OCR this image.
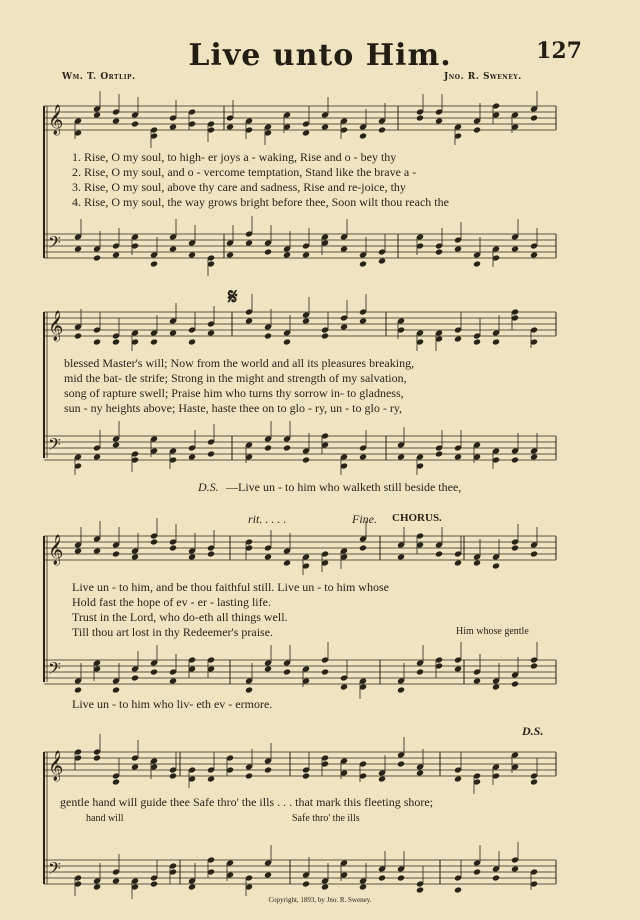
Live unto Him.	127
Wm. T. Ortlip.	Jno. R. Sweney.
𝄞
𝄢
𝄞
𝄢
𝄞
𝄢
𝄞
𝄢
1. Rise, O my soul, to high- er joys a - waking, Rise and o - bey thy
2. Rise, O my soul, and o - vercome temptation, Stand like the brave a -
3. Rise, O my soul, above thy care and sadness, Rise and re-joice, thy
4. Rise, O my soul, the way grows bright before thee, Soon wilt thou reach the
𝄋
blessed Master's will; Now from the world and all its pleasures breaking,
mid the bat- tle strife; Strong in the might and strength of my salvation,
song of rapture swell; Praise him who turns thy sorrow in- to gladness,
sun - ny heights above; Haste, haste thee on to glo - ry, un - to glo - ry,
D.S. —Live un - to him who walketh still beside thee,
rit. . . . .	Fine. CHORUS.
Live un - to him, and be thou faithful still. Live un - to him whose
Hold fast the hope of ev - er - lasting life.
Trust in the Lord, who do-eth all things well.
Till thou art lost in thy Redeemer's praise.	Him whose gentle
Live un - to him who liv- eth ev - ermore.
D.S.
gentle hand will guide thee Safe thro' the ills . . . that mark this fleeting shore;
hand will	Safe thro' the ills
Copyright, 1893, by Jno. R. Sweney.
